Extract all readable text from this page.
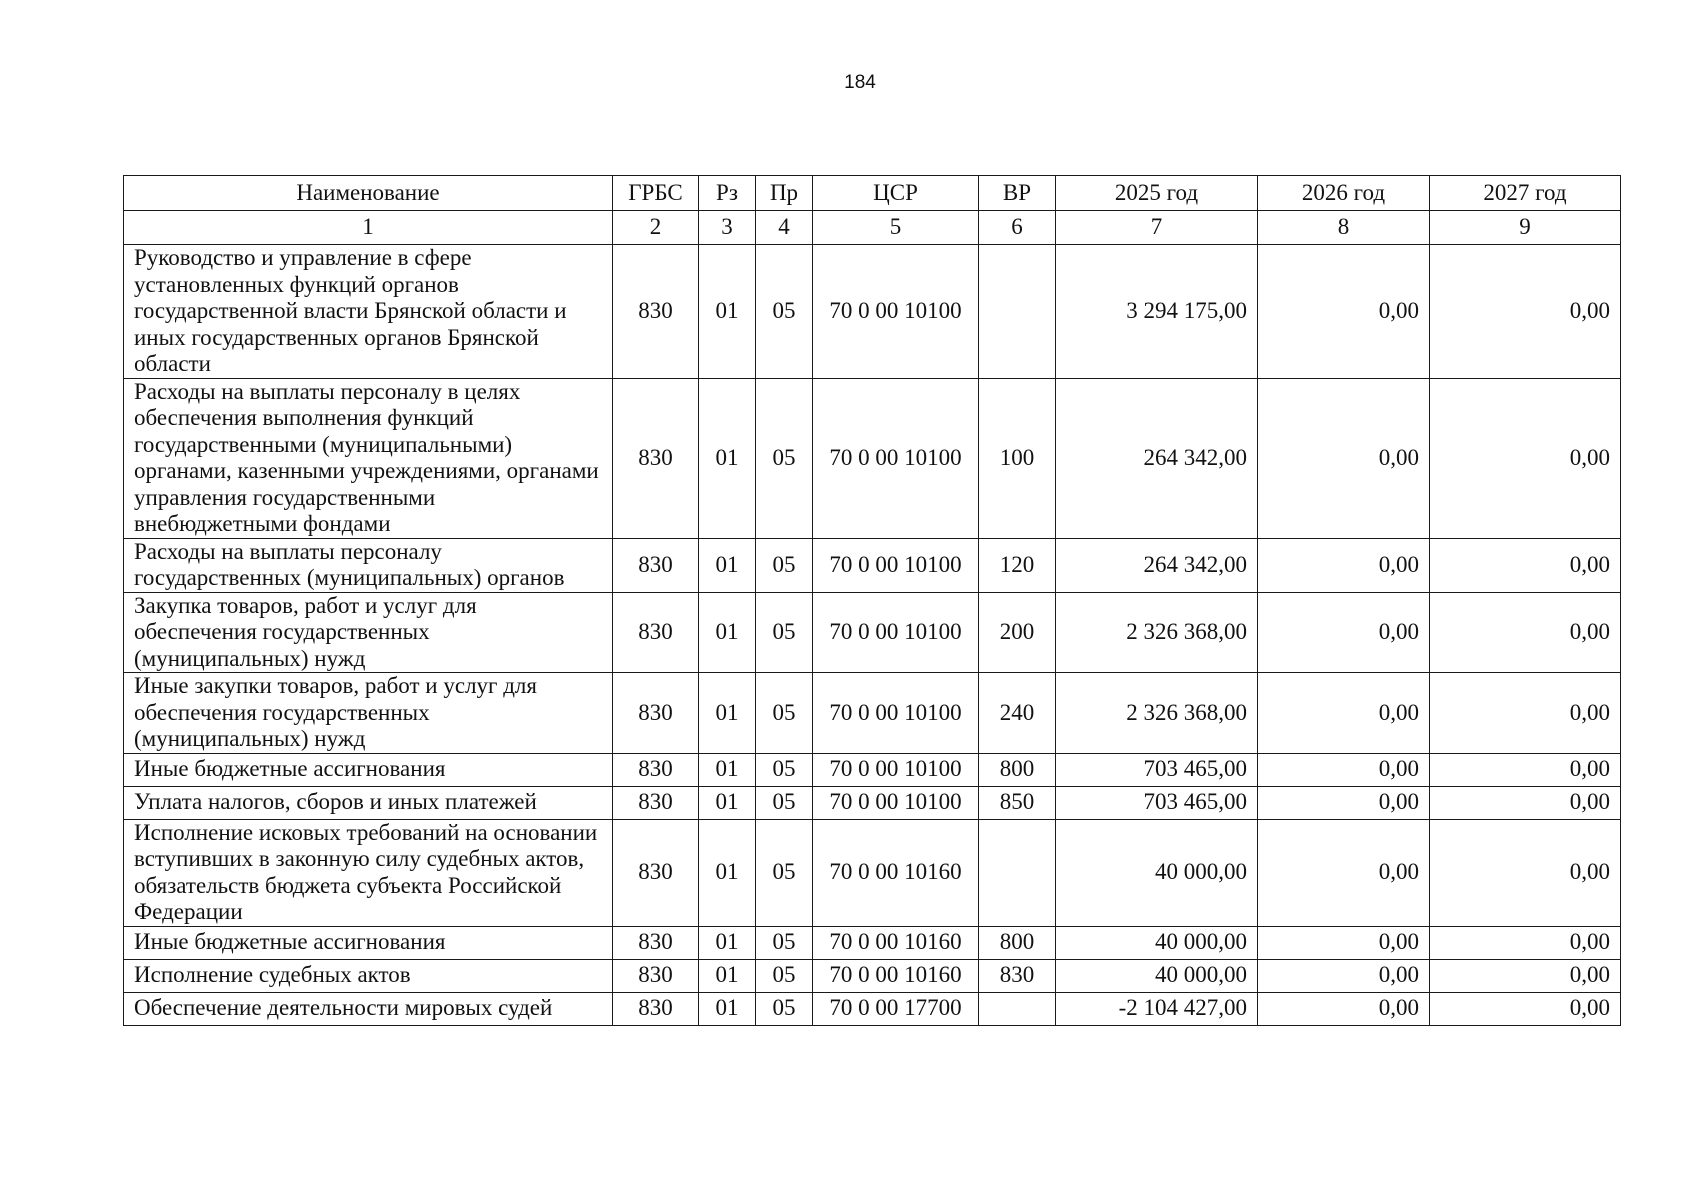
184
Наименование	ГРБС	Рз	Пр	ЦСР	ВР	2025 год	2026 год	2027 год
1	2	3	4	5	6	7	8	9
Руководство и управление в сфере установленных функций органов государственной власти Брянской области и иных государственных органов Брянской области	830	01	05	70 0 00 10100		3 294 175,00	0,00	0,00
Расходы на выплаты персоналу в целях обеспечения выполнения функций государственными (муниципальными) органами, казенными учреждениями, органами управления государственными внебюджетными фондами	830	01	05	70 0 00 10100	100	264 342,00	0,00	0,00
Расходы на выплаты персоналу государственных (муниципальных) органов	830	01	05	70 0 00 10100	120	264 342,00	0,00	0,00
Закупка товаров, работ и услуг для обеспечения государственных (муниципальных) нужд	830	01	05	70 0 00 10100	200	2 326 368,00	0,00	0,00
Иные закупки товаров, работ и услуг для обеспечения государственных (муниципальных) нужд	830	01	05	70 0 00 10100	240	2 326 368,00	0,00	0,00
Иные бюджетные ассигнования	830	01	05	70 0 00 10100	800	703 465,00	0,00	0,00
Уплата налогов, сборов и иных платежей	830	01	05	70 0 00 10100	850	703 465,00	0,00	0,00
Исполнение исковых требований на основании вступивших в законную силу судебных актов, обязательств бюджета субъекта Российской Федерации	830	01	05	70 0 00 10160		40 000,00	0,00	0,00
Иные бюджетные ассигнования	830	01	05	70 0 00 10160	800	40 000,00	0,00	0,00
Исполнение судебных актов	830	01	05	70 0 00 10160	830	40 000,00	0,00	0,00
Обеспечение деятельности мировых судей	830	01	05	70 0 00 17700		-2 104 427,00	0,00	0,00
